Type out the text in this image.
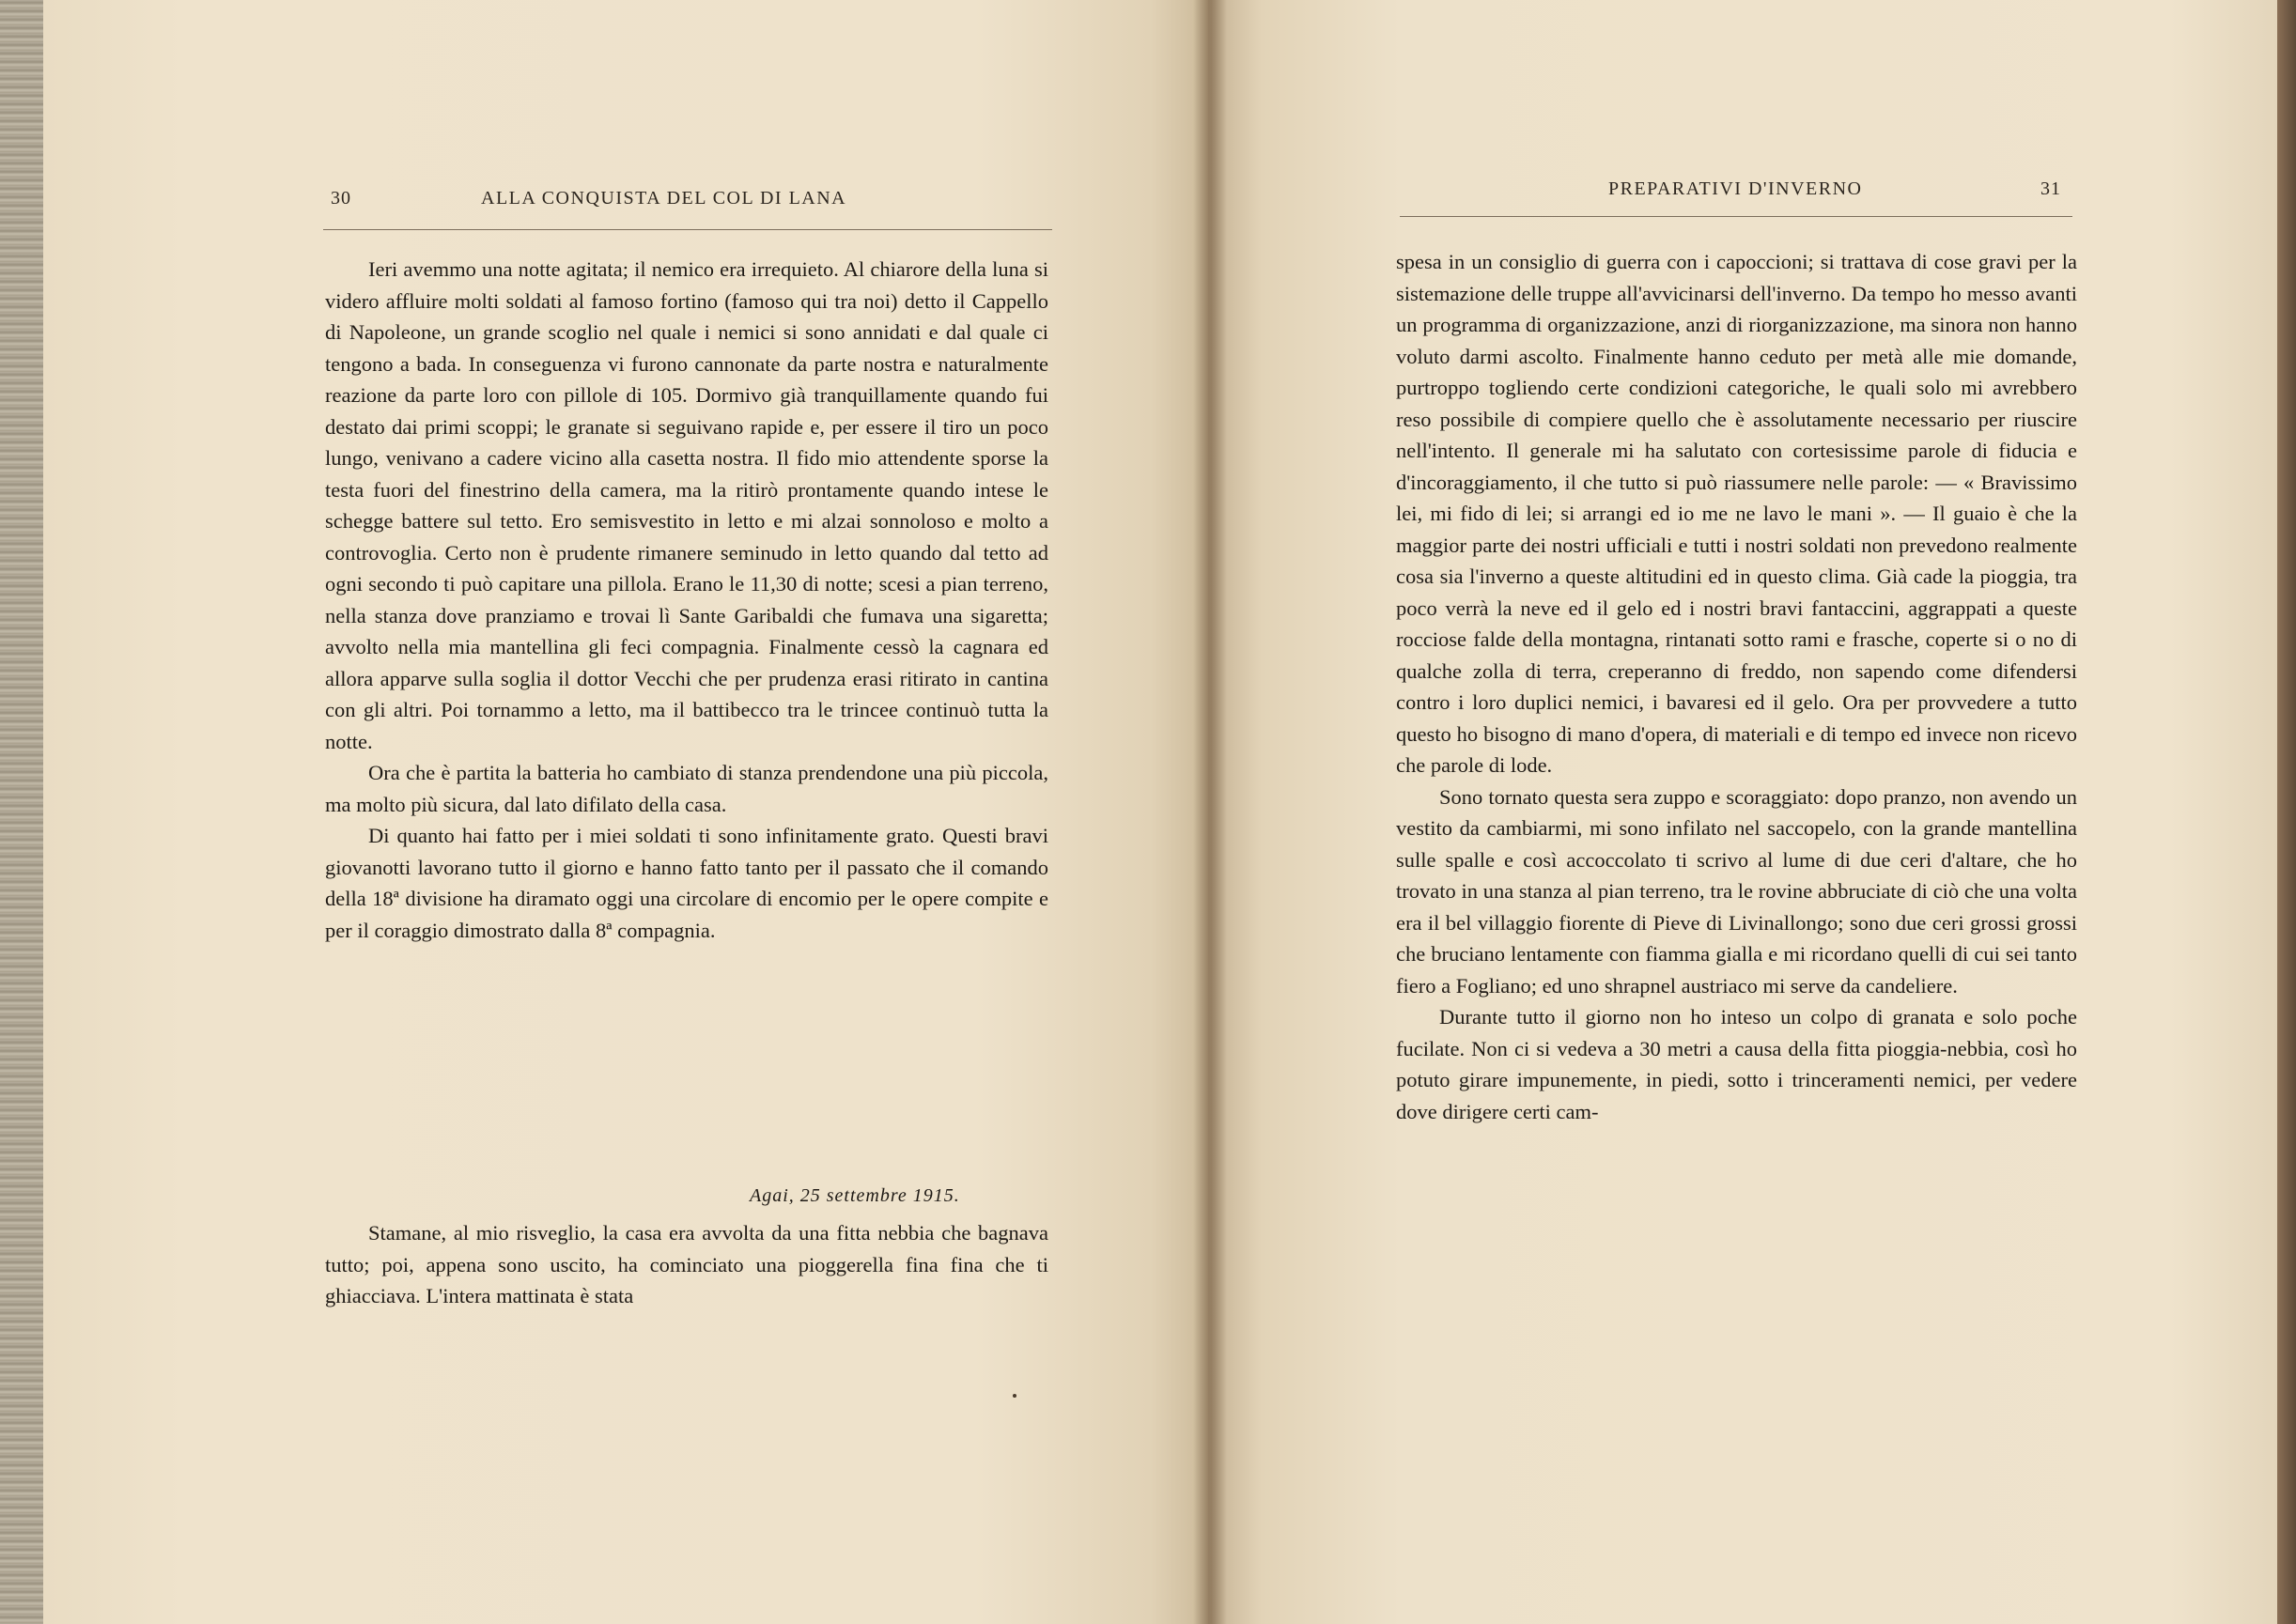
30	ALLA CONQUISTA DEL COL DI LANA

Ieri avemmo una notte agitata; il nemico era irrequieto. Al chiarore della luna si videro affluire molti soldati al famoso fortino (famoso qui tra noi) detto il Cappello di Napoleone, un grande scoglio nel quale i nemici si sono annidati e dal quale ci tengono a bada. In conseguenza vi furono cannonate da parte nostra e naturalmente reazione da parte loro con pillole di 105. Dormivo già tranquillamente quando fui destato dai primi scoppi; le granate si seguivano rapide e, per essere il tiro un poco lungo, venivano a cadere vicino alla casetta nostra. Il fido mio attendente sporse la testa fuori del finestrino della camera, ma la ritirò prontamente quando intese le schegge battere sul tetto. Ero semisvestito in letto e mi alzai sonnoloso e molto a controvoglia. Certo non è prudente rimanere seminudo in letto quando dal tetto ad ogni secondo ti può capitare una pillola. Erano le 11,30 di notte; scesi a pian terreno, nella stanza dove pranziamo e trovai lì Sante Garibaldi che fumava una sigaretta; avvolto nella mia mantellina gli feci compagnia. Finalmente cessò la cagnara ed allora apparve sulla soglia il dottor Vecchi che per prudenza erasi ritirato in cantina con gli altri. Poi tornammo a letto, ma il battibecco tra le trincee continuò tutta la notte.

Ora che è partita la batteria ho cambiato di stanza prendendone una più piccola, ma molto più sicura, dal lato difilato della casa.

Di quanto hai fatto per i miei soldati ti sono infinitamente grato. Questi bravi giovanotti lavorano tutto il giorno e hanno fatto tanto per il passato che il comando della 18ª divisione ha diramato oggi una circolare di encomio per le opere compite e per il coraggio dimostrato dalla 8ª compagnia.

Agai, 25 settembre 1915.

Stamane, al mio risveglio, la casa era avvolta da una fitta nebbia che bagnava tutto; poi, appena sono uscito, ha cominciato una pioggerella fina fina che ti ghiacciava. L'intera mattinata è stata

PREPARATIVI D'INVERNO	31

spesa in un consiglio di guerra con i capoccioni; si trattava di cose gravi per la sistemazione delle truppe all'avvicinarsi dell'inverno. Da tempo ho messo avanti un programma di organizzazione, anzi di riorganizzazione, ma sinora non hanno voluto darmi ascolto. Finalmente hanno ceduto per metà alle mie domande, purtroppo togliendo certe condizioni categoriche, le quali solo mi avrebbero reso possibile di compiere quello che è assolutamente necessario per riuscire nell'intento. Il generale mi ha salutato con cortesissime parole di fiducia e d'incoraggiamento, il che tutto si può riassumere nelle parole: — « Bravissimo lei, mi fido di lei; si arrangi ed io me ne lavo le mani ». — Il guaio è che la maggior parte dei nostri ufficiali e tutti i nostri soldati non prevedono realmente cosa sia l'inverno a queste altitudini ed in questo clima. Già cade la pioggia, tra poco verrà la neve ed il gelo ed i nostri bravi fantaccini, aggrappati a queste rocciose falde della montagna, rintanati sotto rami e frasche, coperte si o no di qualche zolla di terra, creperanno di freddo, non sapendo come difendersi contro i loro duplici nemici, i bavaresi ed il gelo. Ora per provvedere a tutto questo ho bisogno di mano d'opera, di materiali e di tempo ed invece non ricevo che parole di lode.

Sono tornato questa sera zuppo e scoraggiato: dopo pranzo, non avendo un vestito da cambiarmi, mi sono infilato nel saccopelo, con la grande mantellina sulle spalle e così accoccolato ti scrivo al lume di due ceri d'altare, che ho trovato in una stanza al pian terreno, tra le rovine abbruciate di ciò che una volta era il bel villaggio fiorente di Pieve di Livinallongo; sono due ceri grossi grossi che bruciano lentamente con fiamma gialla e mi ricordano quelli di cui sei tanto fiero a Fogliano; ed uno shrapnel austriaco mi serve da candeliere.

Durante tutto il giorno non ho inteso un colpo di granata e solo poche fucilate. Non ci si vedeva a 30 metri a causa della fitta pioggia-nebbia, così ho potuto girare impunemente, in piedi, sotto i trinceramenti nemici, per vedere dove dirigere certi cam-
